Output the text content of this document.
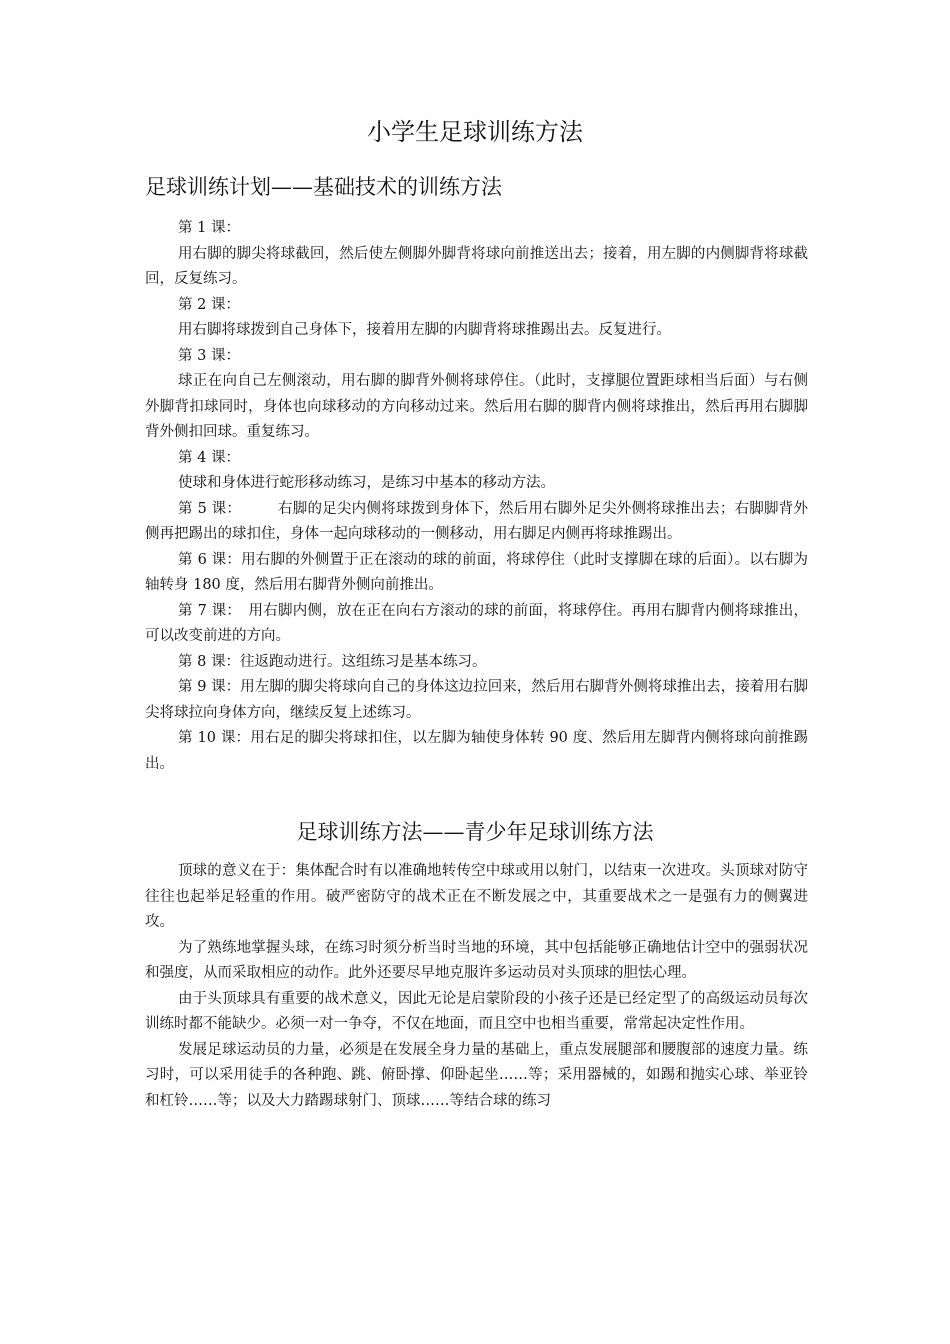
小学生足球训练方法
足球训练计划——基础技术的训练方法

第 1 课：

用右脚的脚尖将球截回，然后使左侧脚外脚背将球向前推送出去；接着，用左脚的内侧脚背将球截回，反复练习。

第 2 课：

用右脚将球拨到自己身体下，接着用左脚的内脚背将球推踢出去。反复进行。

第 3 课：

球正在向自己左侧滚动，用右脚的脚背外侧将球停住。（此时，支撑腿位置距球相当后面）与右侧外脚背扣球同时，身体也向球移动的方向移动过来。然后用右脚的脚背内侧将球推出，然后再用右脚脚背外侧扣回球。重复练习。

第 4 课：

使球和身体进行蛇形移动练习，是练习中基本的移动方法。

第 5 课：　　　右脚的足尖内侧将球拨到身体下，然后用右脚外足尖外侧将球推出去；右脚脚背外侧再把踢出的球扣住，身体一起向球移动的一侧移动，用右脚足内侧再将球推踢出。

第 6 课：用右脚的外侧置于正在滚动的球的前面，将球停住（此时支撑脚在球的后面）。以右脚为轴转身 180 度，然后用右脚背外侧向前推出。

第 7 课：　用右脚内侧，放在正在向右方滚动的球的前面，将球停住。再用右脚背内侧将球推出，可以改变前进的方向。

第 8 课：往返跑动进行。这组练习是基本练习。

第 9 课：用左脚的脚尖将球向自己的身体这边拉回来，然后用右脚背外侧将球推出去，接着用右脚尖将球拉向身体方向，继续反复上述练习。

第 10 课：用右足的脚尖将球扣住，以左脚为轴使身体转 90 度、然后用左脚背内侧将球向前推踢出。

足球训练方法——青少年足球训练方法

顶球的意义在于：集体配合时有以准确地转传空中球或用以射门，以结束一次进攻。头顶球对防守往往也起举足轻重的作用。破严密防守的战术正在不断发展之中，其重要战术之一是强有力的侧翼进攻。

为了熟练地掌握头球，在练习时须分析当时当地的环境，其中包括能够正确地估计空中的强弱状况和强度，从而采取相应的动作。此外还要尽早地克服许多运动员对头顶球的胆怯心理。

由于头顶球具有重要的战术意义，因此无论是启蒙阶段的小孩子还是已经定型了的高级运动员每次训练时都不能缺少。必须一对一争夺，不仅在地面，而且空中也相当重要，常常起决定性作用。

发展足球运动员的力量，必须是在发展全身力量的基础上，重点发展腿部和腰腹部的速度力量。练习时，可以采用徒手的各种跑、跳、俯卧撑、仰卧起坐……等；采用器械的，如踢和抛实心球、举亚铃和杠铃……等；以及大力踏踢球射门、顶球……等结合球的练习
